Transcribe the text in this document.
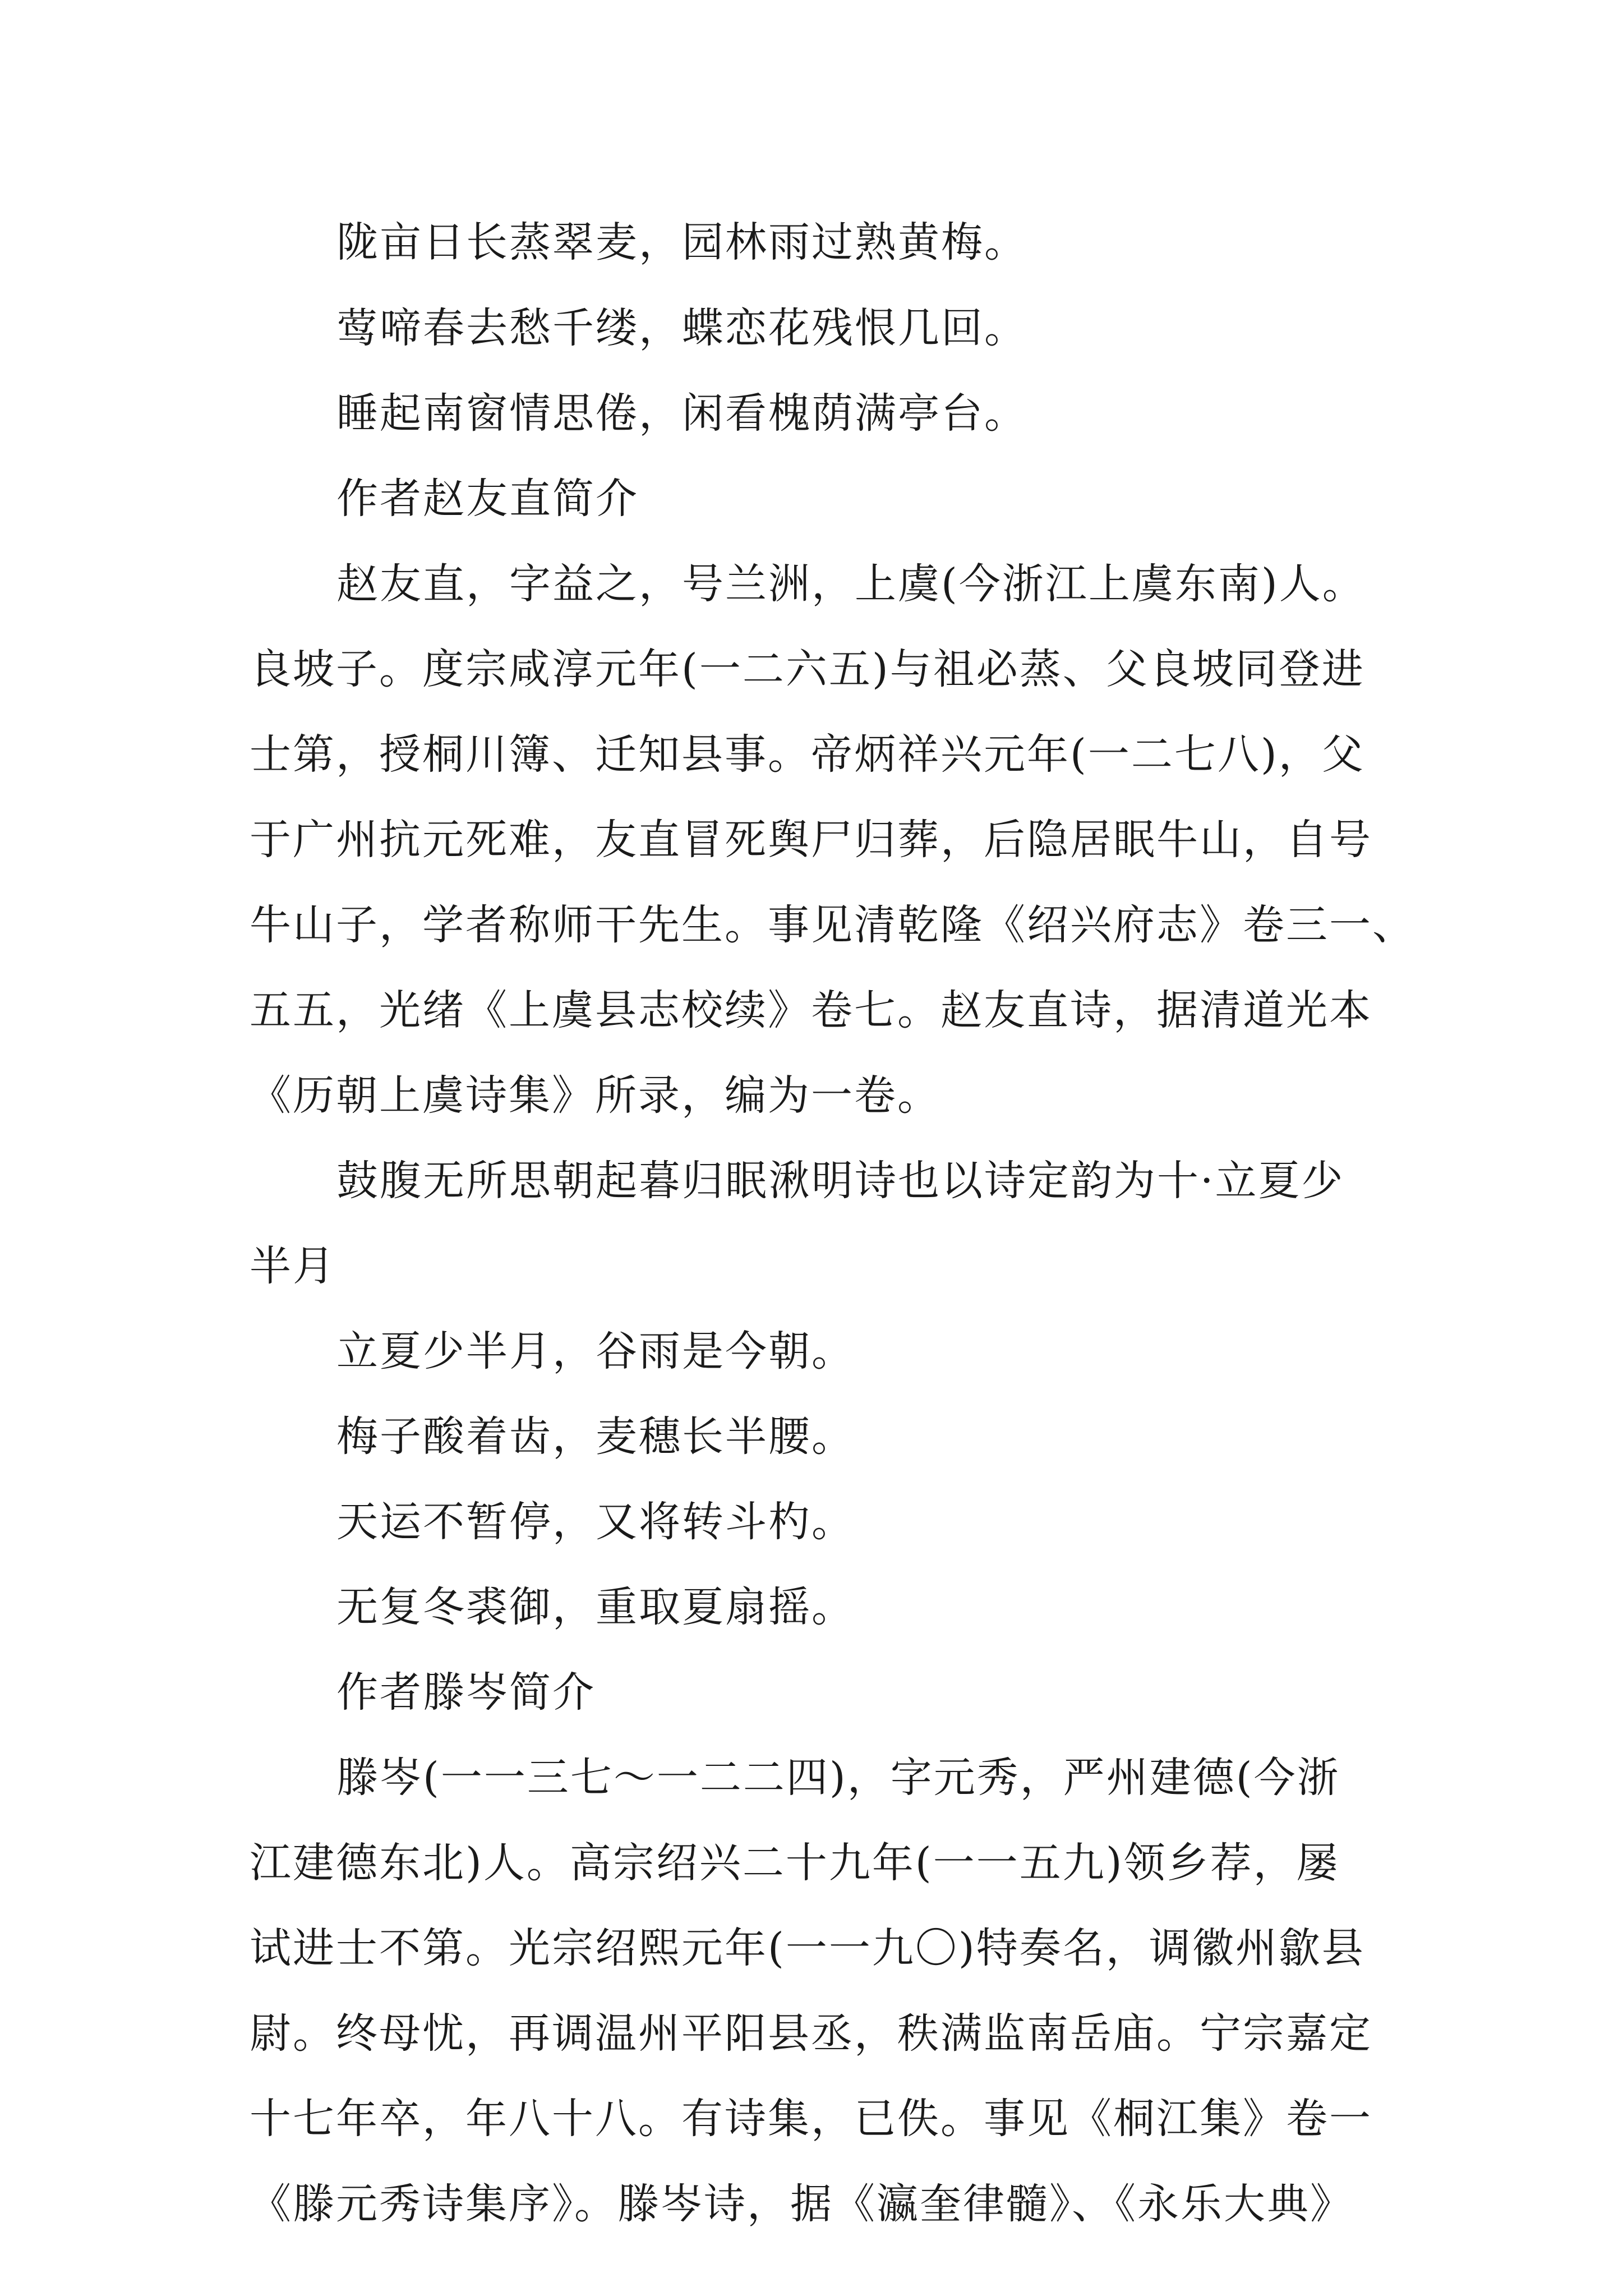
陇亩日长蒸翠麦，园林雨过熟黄梅。
莺啼春去愁千缕，蝶恋花残恨几回。
睡起南窗情思倦，闲看槐荫满亭台。
作者赵友直简介
赵友直，字益之，号兰洲，上虞(今浙江上虞东南)人。
良坡子。度宗咸淳元年(一二六五)与祖必蒸、父良坡同登进
士第，授桐川簿、迁知县事。帝炳祥兴元年(一二七八)，父
于广州抗元死难，友直冒死舆尸归葬，后隐居眠牛山，自号
牛山子，学者称师干先生。事见清乾隆《绍兴府志》卷三一、
五五，光绪《上虞县志校续》卷七。赵友直诗，据清道光本
《历朝上虞诗集》所录，编为一卷。
鼓腹无所思朝起暮归眠湫明诗也以诗定韵为十·立夏少
半月
立夏少半月，谷雨是今朝。
梅子酸着齿，麦穗长半腰。
天运不暂停，又将转斗杓。
无复冬裘御，重取夏扇摇。
作者滕岑简介
滕岑(一一三七～一二二四)，字元秀，严州建德(今浙
江建德东北)人。高宗绍兴二十九年(一一五九)领乡荐，屡
试进士不第。光宗绍熙元年(一一九〇)特奏名，调徽州歙县
尉。终母忧，再调温州平阳县丞，秩满监南岳庙。宁宗嘉定
十七年卒，年八十八。有诗集，已佚。事见《桐江集》卷一
《滕元秀诗集序》。滕岑诗，据《瀛奎律髓》、《永乐大典》
